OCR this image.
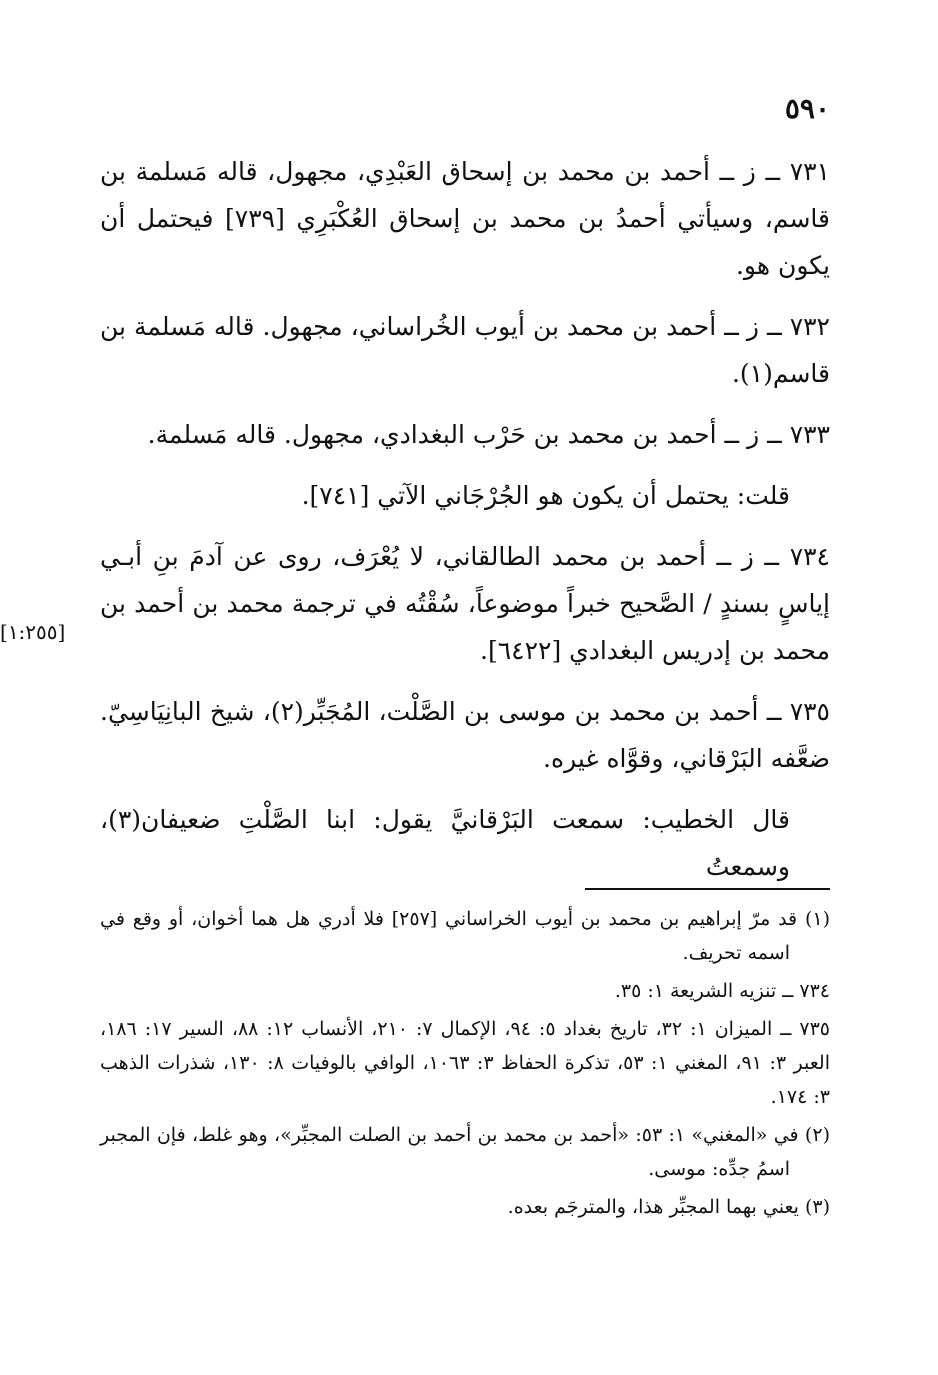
٥٩٠

٧٣١ ــ ز ــ أحمد بن محمد بن إسحاق العَبْدِي، مجهول، قاله مَسلمة بن قاسم، وسيأتي أحمدُ بن محمد بن إسحاق العُكْبَرِي [٧٣٩] فيحتمل أن يكون هو.

٧٣٢ ــ ز ــ أحمد بن محمد بن أيوب الخُراساني، مجهول. قاله مَسلمة بن قاسم(١).

٧٣٣ ــ ز ــ أحمد بن محمد بن حَرْب البغدادي، مجهول. قاله مَسلمة.

قلت: يحتمل أن يكون هو الجُرْجَاني الآتي [٧٤١].

٧٣٤ ــ ز ــ أحمد بن محمد الطالقاني، لا يُعْرَف، روى عن آدمَ بنِ أبـي إياسٍ بسندٍ / الصَّحيح خبراً موضوعاً، سُقْتُه في ترجمة محمد بن أحمد بن محمد بن إدريس البغدادي [٦٤٢٢].

٧٣٥ ــ أحمد بن محمد بن موسى بن الصَّلْت، المُجَبِّر(٢)، شيخ البانِيَاسِيّ. ضعَّفه البَرْقاني، وقوَّاه غيره.

قال الخطيب: سمعت البَرْقانيَّ يقول: ابنا الصَّلْتِ ضعيفان(٣)، وسمعتُ

[١:٢٥٥]

(١) قد مرّ إبراهيم بن محمد بن أيوب الخراساني [٢٥٧] فلا أدري هل هما أخوان، أو وقع في اسمه تحريف.

٧٣٤ ــ تنزيه الشريعة ١: ٣٥.

٧٣٥ ــ الميزان ١: ٣٢، تاريخ بغداد ٥: ٩٤، الإكمال ٧: ٢١٠، الأنساب ١٢: ٨٨، السير ١٧: ١٨٦، العبر ٣: ٩١، المغني ١: ٥٣، تذكرة الحفاظ ٣: ١٠٦٣، الوافي بالوفيات ٨: ١٣٠، شذرات الذهب ٣: ١٧٤.

(٢) في «المغني» ١: ٥٣: «أحمد بن محمد بن أحمد بن الصلت المجبِّر»، وهو غلط، فإن المجبر اسمُ جدِّه: موسى.

(٣) يعني بهما المجبِّر هذا، والمترجَم بعده.
